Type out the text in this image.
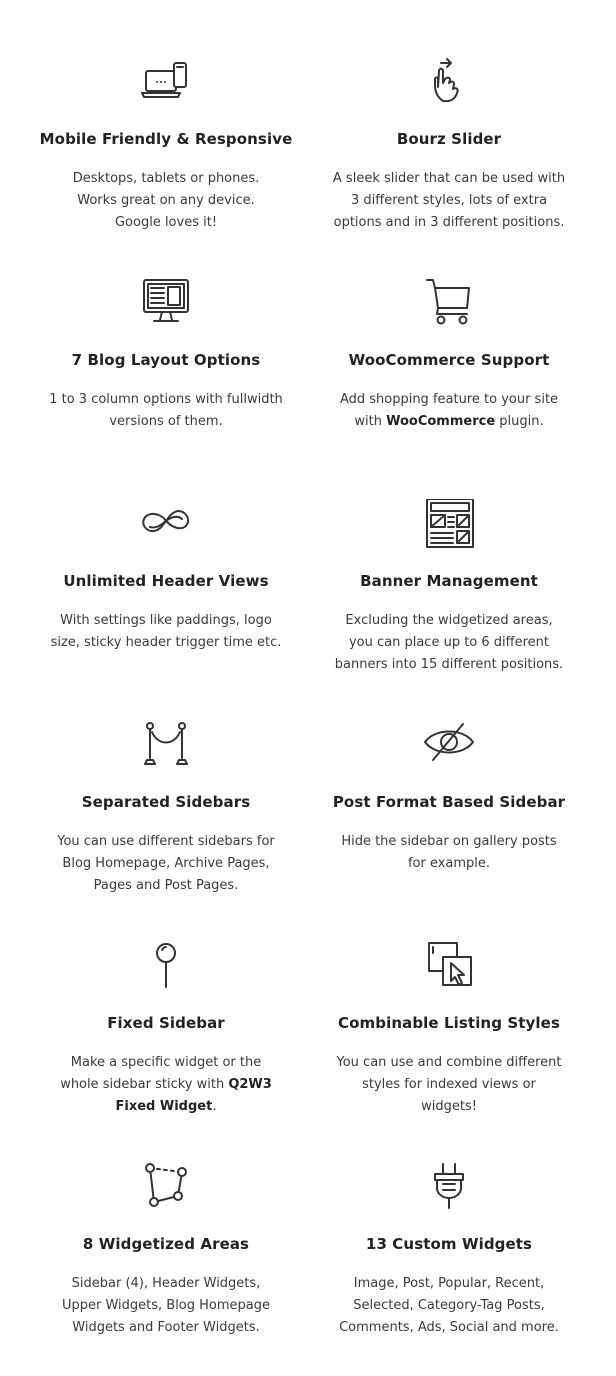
Mobile Friendly & Responsive

Desktops, tablets or phones.
Works great on any device.
Google loves it!

Bourz Slider

A sleek slider that can be used with
3 different styles, lots of extra
options and in 3 different positions.

7 Blog Layout Options

1 to 3 column options with fullwidth
versions of them.

WooCommerce Support

Add shopping feature to your site
with WooCommerce plugin.

Unlimited Header Views

With settings like paddings, logo
size, sticky header trigger time etc.

Banner Management

Excluding the widgetized areas,
you can place up to 6 different
banners into 15 different positions.

Separated Sidebars

You can use different sidebars for
Blog Homepage, Archive Pages,
Pages and Post Pages.

Post Format Based Sidebar

Hide the sidebar on gallery posts
for example.

Fixed Sidebar

Make a specific widget or the
whole sidebar sticky with Q2W3
Fixed Widget.

Combinable Listing Styles

You can use and combine different
styles for indexed views or
widgets!

8 Widgetized Areas

Sidebar (4), Header Widgets,
Upper Widgets, Blog Homepage
Widgets and Footer Widgets.

13 Custom Widgets

Image, Post, Popular, Recent,
Selected, Category-Tag Posts,
Comments, Ads, Social and more.
